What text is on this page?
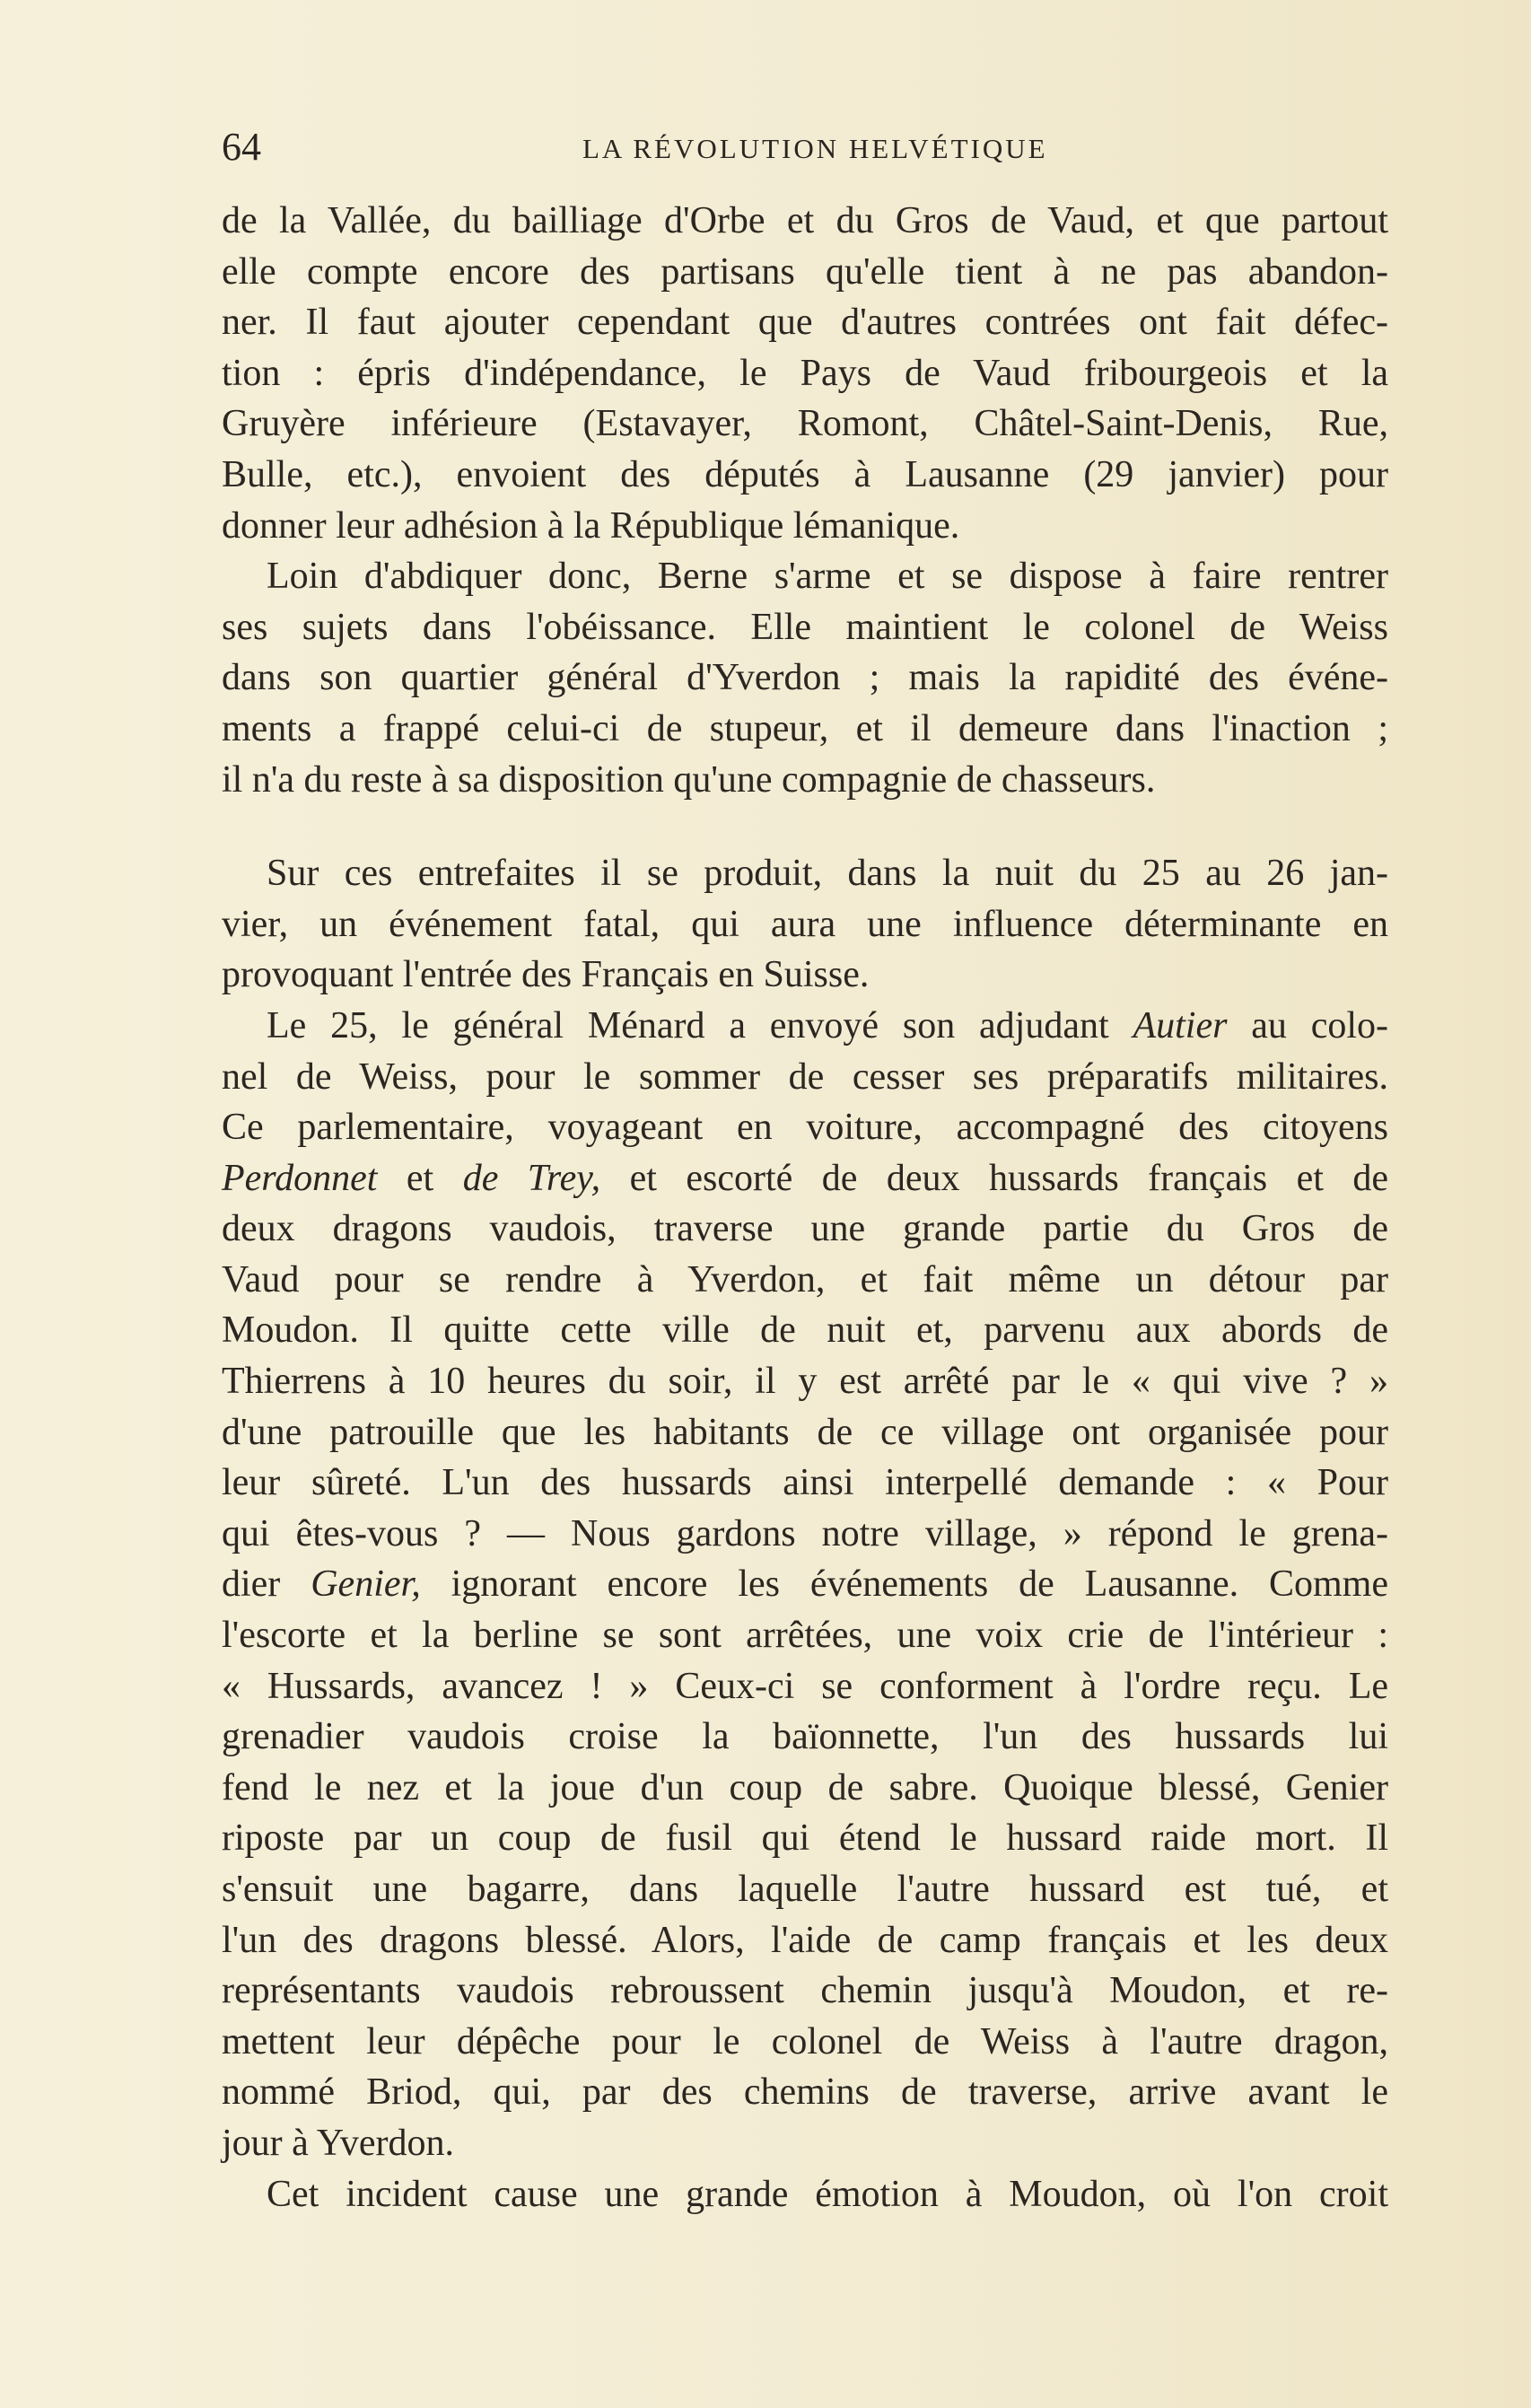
64	LA RÉVOLUTION HELVÉTIQUE
de la Vallée, du bailliage d'Orbe et du Gros de Vaud, et que partout
elle compte encore des partisans qu'elle tient à ne pas abandon-
ner. Il faut ajouter cependant que d'autres contrées ont fait défec-
tion : épris d'indépendance, le Pays de Vaud fribourgeois et la
Gruyère inférieure (Estavayer, Romont, Châtel-Saint-Denis, Rue,
Bulle, etc.), envoient des députés à Lausanne (29 janvier) pour
donner leur adhésion à la République lémanique.
Loin d'abdiquer donc, Berne s'arme et se dispose à faire rentrer
ses sujets dans l'obéissance. Elle maintient le colonel de Weiss
dans son quartier général d'Yverdon ; mais la rapidité des événe-
ments a frappé celui-ci de stupeur, et il demeure dans l'inaction ;
il n'a du reste à sa disposition qu'une compagnie de chasseurs.
Sur ces entrefaites il se produit, dans la nuit du 25 au 26 jan-
vier, un événement fatal, qui aura une influence déterminante en
provoquant l'entrée des Français en Suisse.
Le 25, le général Ménard a envoyé son adjudant Autier au colo-
nel de Weiss, pour le sommer de cesser ses préparatifs militaires.
Ce parlementaire, voyageant en voiture, accompagné des citoyens
Perdonnet et de Trey, et escorté de deux hussards français et de
deux dragons vaudois, traverse une grande partie du Gros de
Vaud pour se rendre à Yverdon, et fait même un détour par
Moudon. Il quitte cette ville de nuit et, parvenu aux abords de
Thierrens à 10 heures du soir, il y est arrêté par le « qui vive ? »
d'une patrouille que les habitants de ce village ont organisée pour
leur sûreté. L'un des hussards ainsi interpellé demande : « Pour
qui êtes-vous ? — Nous gardons notre village, » répond le grena-
dier Genier, ignorant encore les événements de Lausanne. Comme
l'escorte et la berline se sont arrêtées, une voix crie de l'intérieur :
« Hussards, avancez ! » Ceux-ci se conforment à l'ordre reçu. Le
grenadier vaudois croise la baïonnette, l'un des hussards lui
fend le nez et la joue d'un coup de sabre. Quoique blessé, Genier
riposte par un coup de fusil qui étend le hussard raide mort. Il
s'ensuit une bagarre, dans laquelle l'autre hussard est tué, et
l'un des dragons blessé. Alors, l'aide de camp français et les deux
représentants vaudois rebroussent chemin jusqu'à Moudon, et re-
mettent leur dépêche pour le colonel de Weiss à l'autre dragon,
nommé Briod, qui, par des chemins de traverse, arrive avant le
jour à Yverdon.
Cet incident cause une grande émotion à Moudon, où l'on croit
